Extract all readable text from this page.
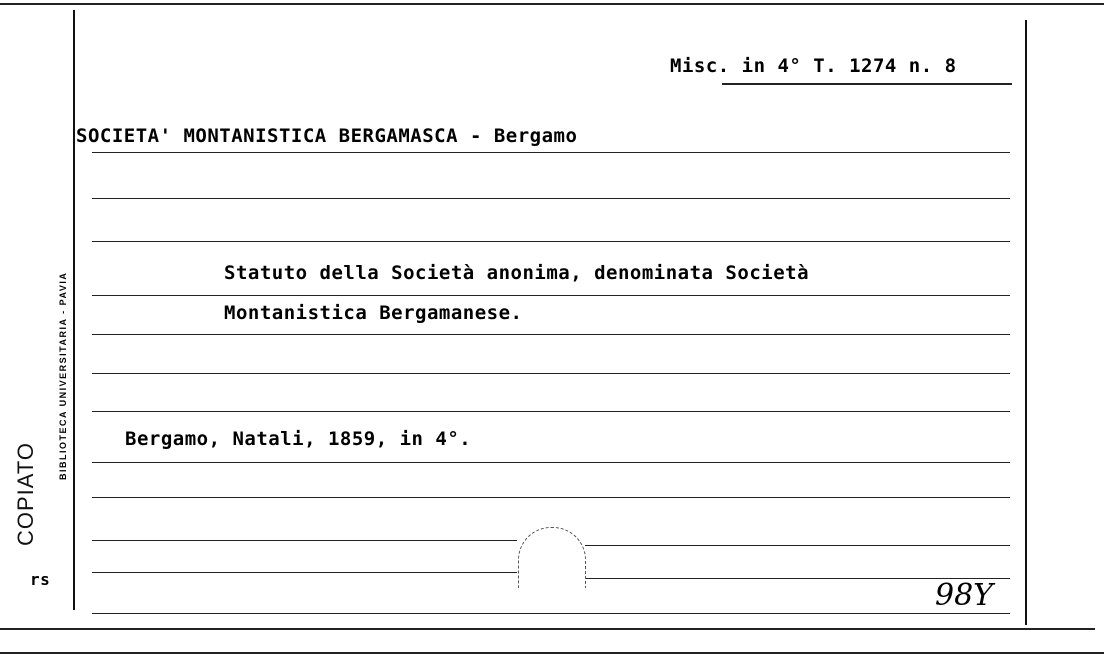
Misc. in 4° T. 1274 n. 8
SOCIETA' MONTANISTICA BERGAMASCA - Bergamo
Statuto della Società anonima, denominata Società
Montanistica Bergamanese.
Bergamo, Natali, 1859, in 4°.
rs
BIBLIOTECA UNIVERSITARIA - PAVIA
COPIATO
98Y
